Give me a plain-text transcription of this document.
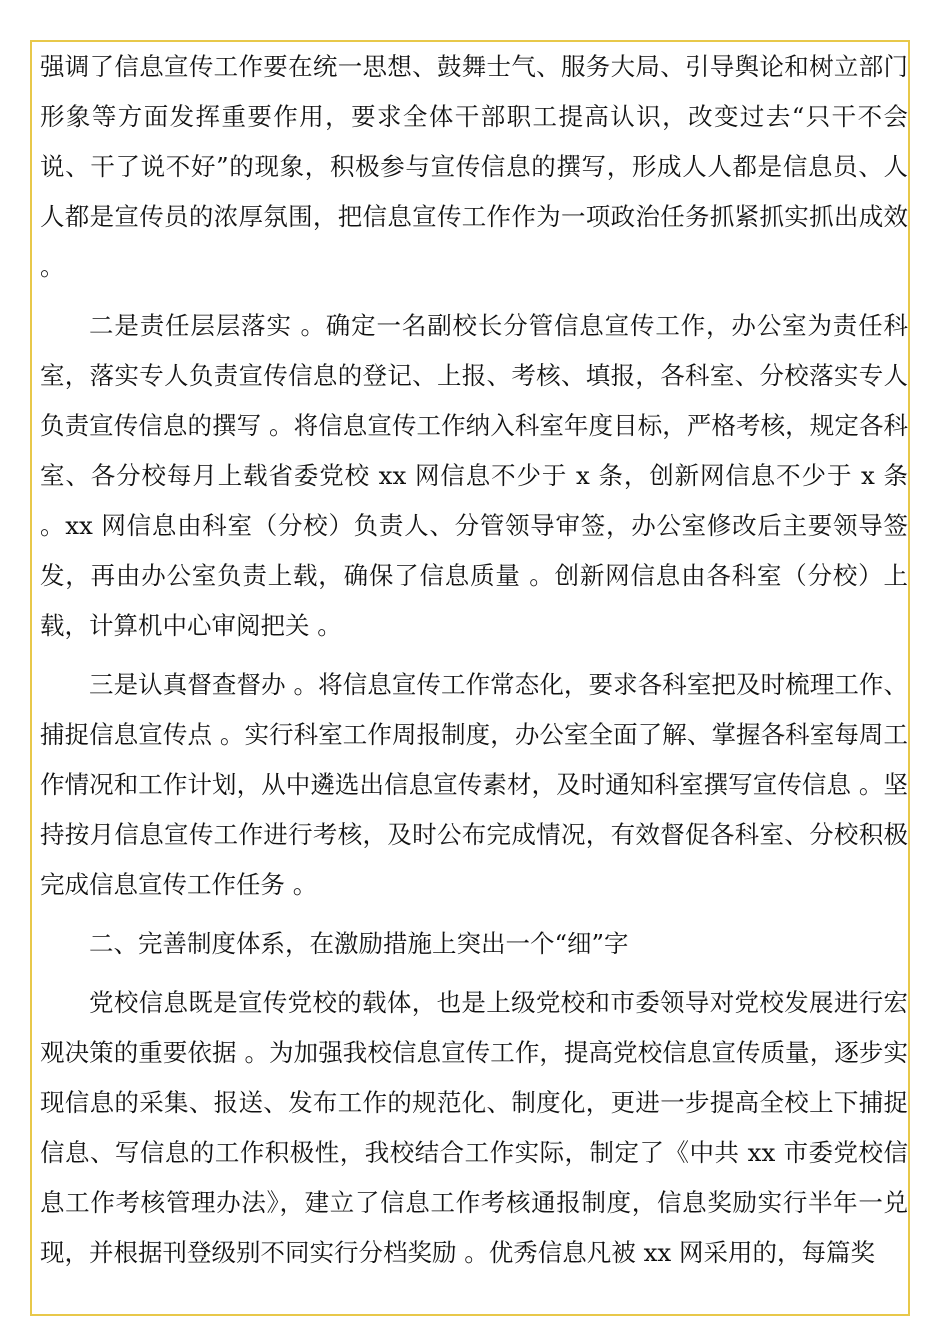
强调了信息宣传工作要在统一思想、鼓舞士气、服务大局、引导舆论和树立部门形象等方面发挥重要作用，要求全体干部职工提高认识，改变过去“只干不会说、干了说不好”的现象，积极参与宣传信息的撰写，形成人人都是信息员、人人都是宣传员的浓厚氛围，把信息宣传工作作为一项政治任务抓紧抓实抓出成效 。

二是责任层层落实 。确定一名副校长分管信息宣传工作，办公室为责任科室，落实专人负责宣传信息的登记、上报、考核、填报，各科室、分校落实专人负责宣传信息的撰写 。将信息宣传工作纳入科室年度目标，严格考核，规定各科室、各分校每月上载省委党校 xx 网信息不少于 x 条，创新网信息不少于 x 条 。xx 网信息由科室（分校）负责人、分管领导审签，办公室修改后主要领导签发，再由办公室负责上载，确保了信息质量 。创新网信息由各科室（分校）上载，计算机中心审阅把关 。

三是认真督查督办 。将信息宣传工作常态化，要求各科室把及时梳理工作、捕捉信息宣传点 。实行科室工作周报制度，办公室全面了解、掌握各科室每周工作情况和工作计划，从中遴选出信息宣传素材，及时通知科室撰写宣传信息 。坚持按月信息宣传工作进行考核，及时公布完成情况，有效督促各科室、分校积极完成信息宣传工作任务 。

二、完善制度体系，在激励措施上突出一个“细”字

党校信息既是宣传党校的载体，也是上级党校和市委领导对党校发展进行宏观决策的重要依据 。为加强我校信息宣传工作，提高党校信息宣传质量，逐步实现信息的采集、报送、发布工作的规范化、制度化，更进一步提高全校上下捕捉信息、写信息的工作积极性，我校结合工作实际，制定了《中共 xx 市委党校信息工作考核管理办法》，建立了信息工作考核通报制度，信息奖励实行半年一兑现，并根据刊登级别不同实行分档奖励 。优秀信息凡被 xx 网采用的，每篇奖
